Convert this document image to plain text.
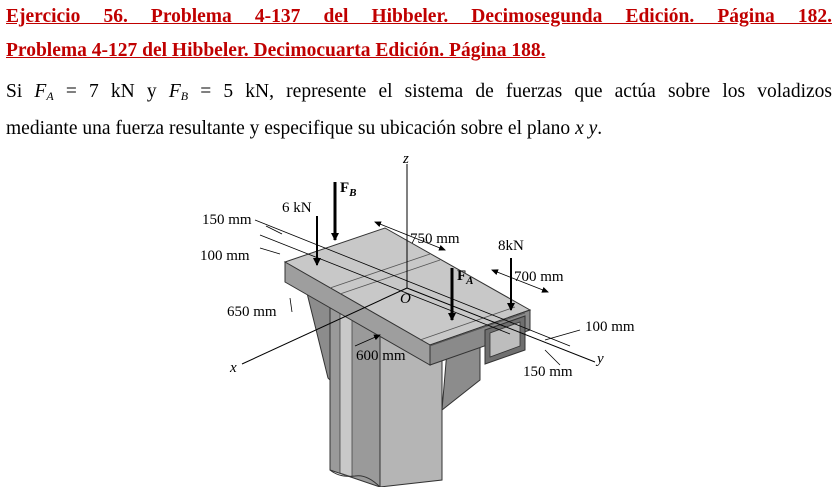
Ejercicio 56. Problema 4-137 del Hibbeler. Decimosegunda Edición. Página 182.
Problema 4-127 del Hibbeler. Decimocuarta Edición. Página 188.
Si $F_A = 7$ kN y $F_B = 5$ kN, represente el sistema de fuerzas que actúa sobre los voladizos
mediante una fuerza resultante y especifique su ubicación sobre el plano x y.
z
x
y
O
$F_B$
6 kN
$F_A$
8kN
150 mm
100 mm
650 mm
600 mm
750 mm
700 mm
100 mm
150 mm
